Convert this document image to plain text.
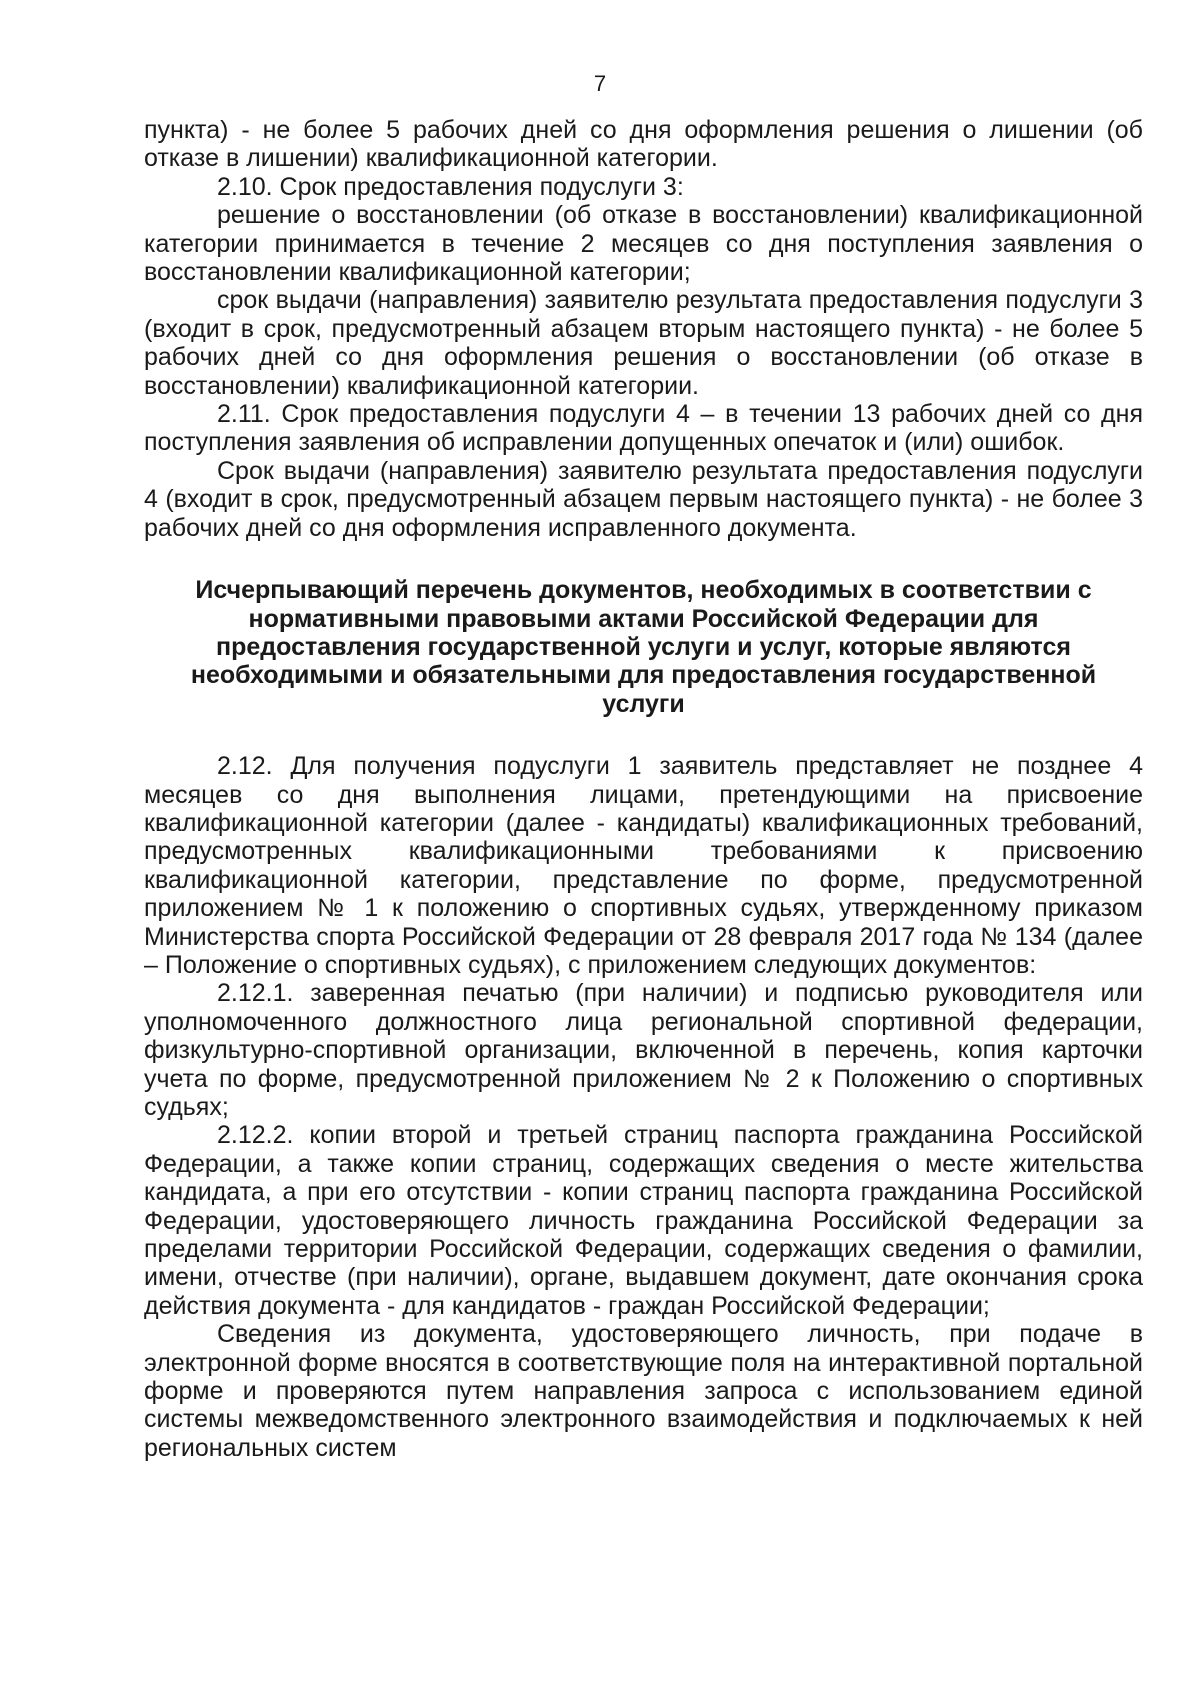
7

пункта) - не более 5 рабочих дней со дня оформления решения о лишении (об отказе в лишении) квалификационной категории.

2.10. Срок предоставления подуслуги 3:

решение о восстановлении (об отказе в восстановлении) квалификационной категории принимается в течение 2 месяцев со дня поступления заявления о восстановлении квалификационной категории;

срок выдачи (направления) заявителю результата предоставления подуслуги 3 (входит в срок, предусмотренный абзацем вторым настоящего пункта) - не более 5 рабочих дней со дня оформления решения о восстановлении (об отказе в восстановлении) квалификационной категории.

2.11. Срок предоставления подуслуги 4 – в течении 13 рабочих дней со дня поступления заявления об исправлении допущенных опечаток и (или) ошибок.

Срок выдачи (направления) заявителю результата предоставления подуслуги 4 (входит в срок, предусмотренный абзацем первым настоящего пункта) - не более 3 рабочих дней со дня оформления исправленного документа.

Исчерпывающий перечень документов, необходимых в соответствии с нормативными правовыми актами Российской Федерации для предоставления государственной услуги и услуг, которые являются необходимыми и обязательными для предоставления государственной услуги

2.12. Для получения подуслуги 1 заявитель представляет не позднее 4 месяцев со дня выполнения лицами, претендующими на присвоение квалификационной категории (далее - кандидаты) квалификационных требований, предусмотренных квалификационными требованиями к присвоению квалификационной категории, представление по форме, предусмотренной приложением № 1 к положению о спортивных судьях, утвержденному приказом Министерства спорта Российской Федерации от 28 февраля 2017 года № 134 (далее – Положение о спортивных судьях), с приложением следующих документов:

2.12.1. заверенная печатью (при наличии) и подписью руководителя или уполномоченного должностного лица региональной спортивной федерации, физкультурно-спортивной организации, включенной в перечень, копия карточки учета по форме, предусмотренной приложением № 2 к Положению о спортивных судьях;

2.12.2. копии второй и третьей страниц паспорта гражданина Российской Федерации, а также копии страниц, содержащих сведения о месте жительства кандидата, а при его отсутствии - копии страниц паспорта гражданина Российской Федерации, удостоверяющего личность гражданина Российской Федерации за пределами территории Российской Федерации, содержащих сведения о фамилии, имени, отчестве (при наличии), органе, выдавшем документ, дате окончания срока действия документа - для кандидатов - граждан Российской Федерации;

Сведения из документа, удостоверяющего личность, при подаче в электронной форме вносятся в соответствующие поля на интерактивной портальной форме и проверяются путем направления запроса с использованием единой системы межведомственного электронного взаимодействия и подключаемых к ней региональных систем
